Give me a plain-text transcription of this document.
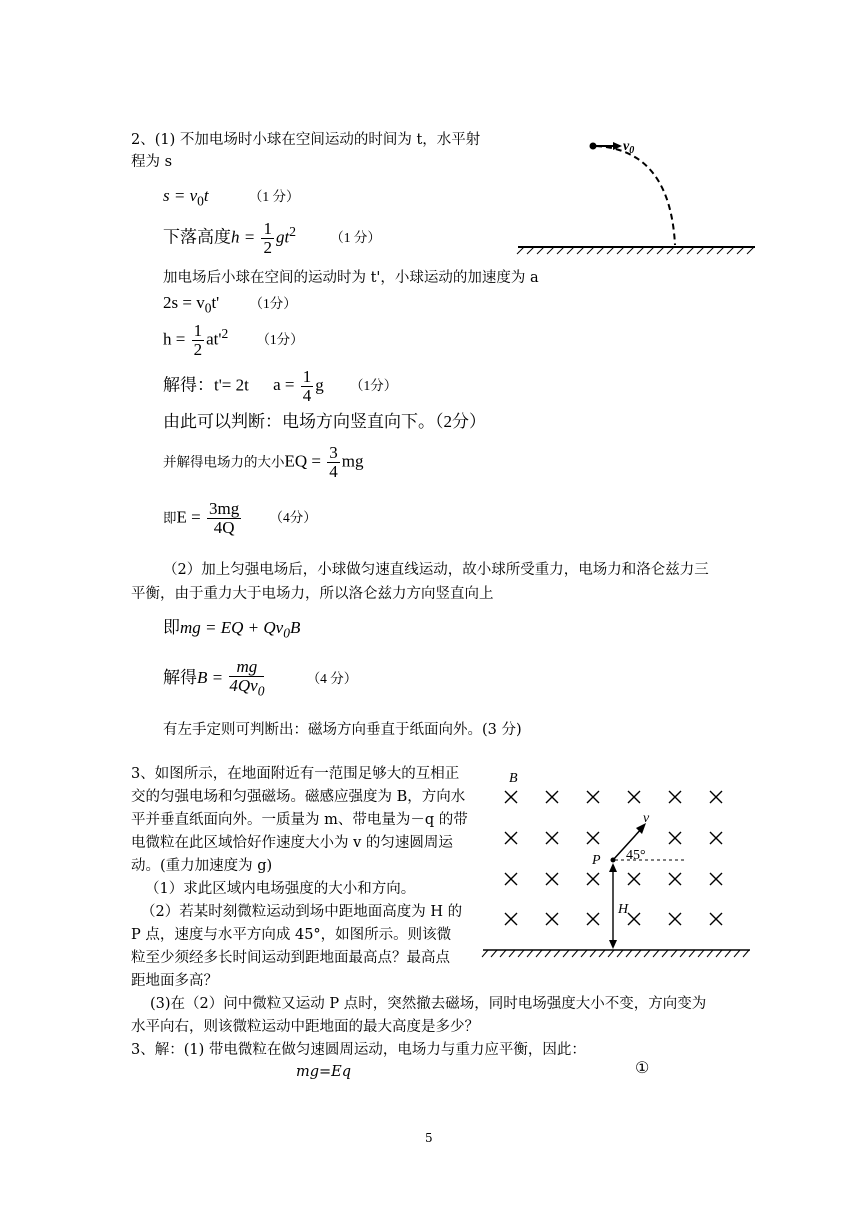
2、(1) 不加电场时小球在空间运动的时间为 t，水平射
程为 s
$s = v_0t$	（1 分）
下落高度$h = \frac{1}{2} gt^2$	（1 分）
加电场后小球在空间的运动时为 t'，小球运动的加速度为 a
$2s = v_0t'$ （1分）
$h = \frac{1}{2} at'^2$ （1分）
解得：t'= 2t $a = \frac{1}{4}$ g （1分）
由此可以判断：电场方向竖直向下。（2分）
并解得电场力的大小EQ = $\frac{3}{4}$ mg
即$E = \frac{3mg}{4Q} (4$分）
（2）加上匀强电场后，小球做匀速直线运动，故小球所受重力，电场力和洛仑兹力三
平衡，由于重力大于电场力，所以洛仑兹力方向竖直向上
即mg = EQ + $Qv_0B$
解得$B = \frac{mg}{4Qv_0}$	（4 分）
有左手定则可判断出：磁场方向垂直于纸面向外。(3 分)
$v_0$
3、如图所示，在地面附近有一范围足够大的互相正
交的匀强电场和匀强磁场。磁感应强度为 B，方向水
平并垂直纸面向外。一质量为 m、带电量为－q 的带
电微粒在此区域恰好作速度大小为 v 的匀速圆周运
动。(重力加速度为 g)
（1）求此区域内电场强度的大小和方向。
（2）若某时刻微粒运动到场中距地面高度为 H 的
P 点，速度与水平方向成 45°，如图所示。则该微
粒至少须经多长时间运动到距地面最高点？最高点
距地面多高？
(3)在（2）问中微粒又运动 P 点时，突然撤去磁场，同时电场强度大小不变，方向变为
水平向右，则该微粒运动中距地面的最大高度是多少？
3、解：(1) 带电微粒在做匀速圆周运动，电场力与重力应平衡，因此：
mg=Eq	①
B
P
v
45°
H
5
